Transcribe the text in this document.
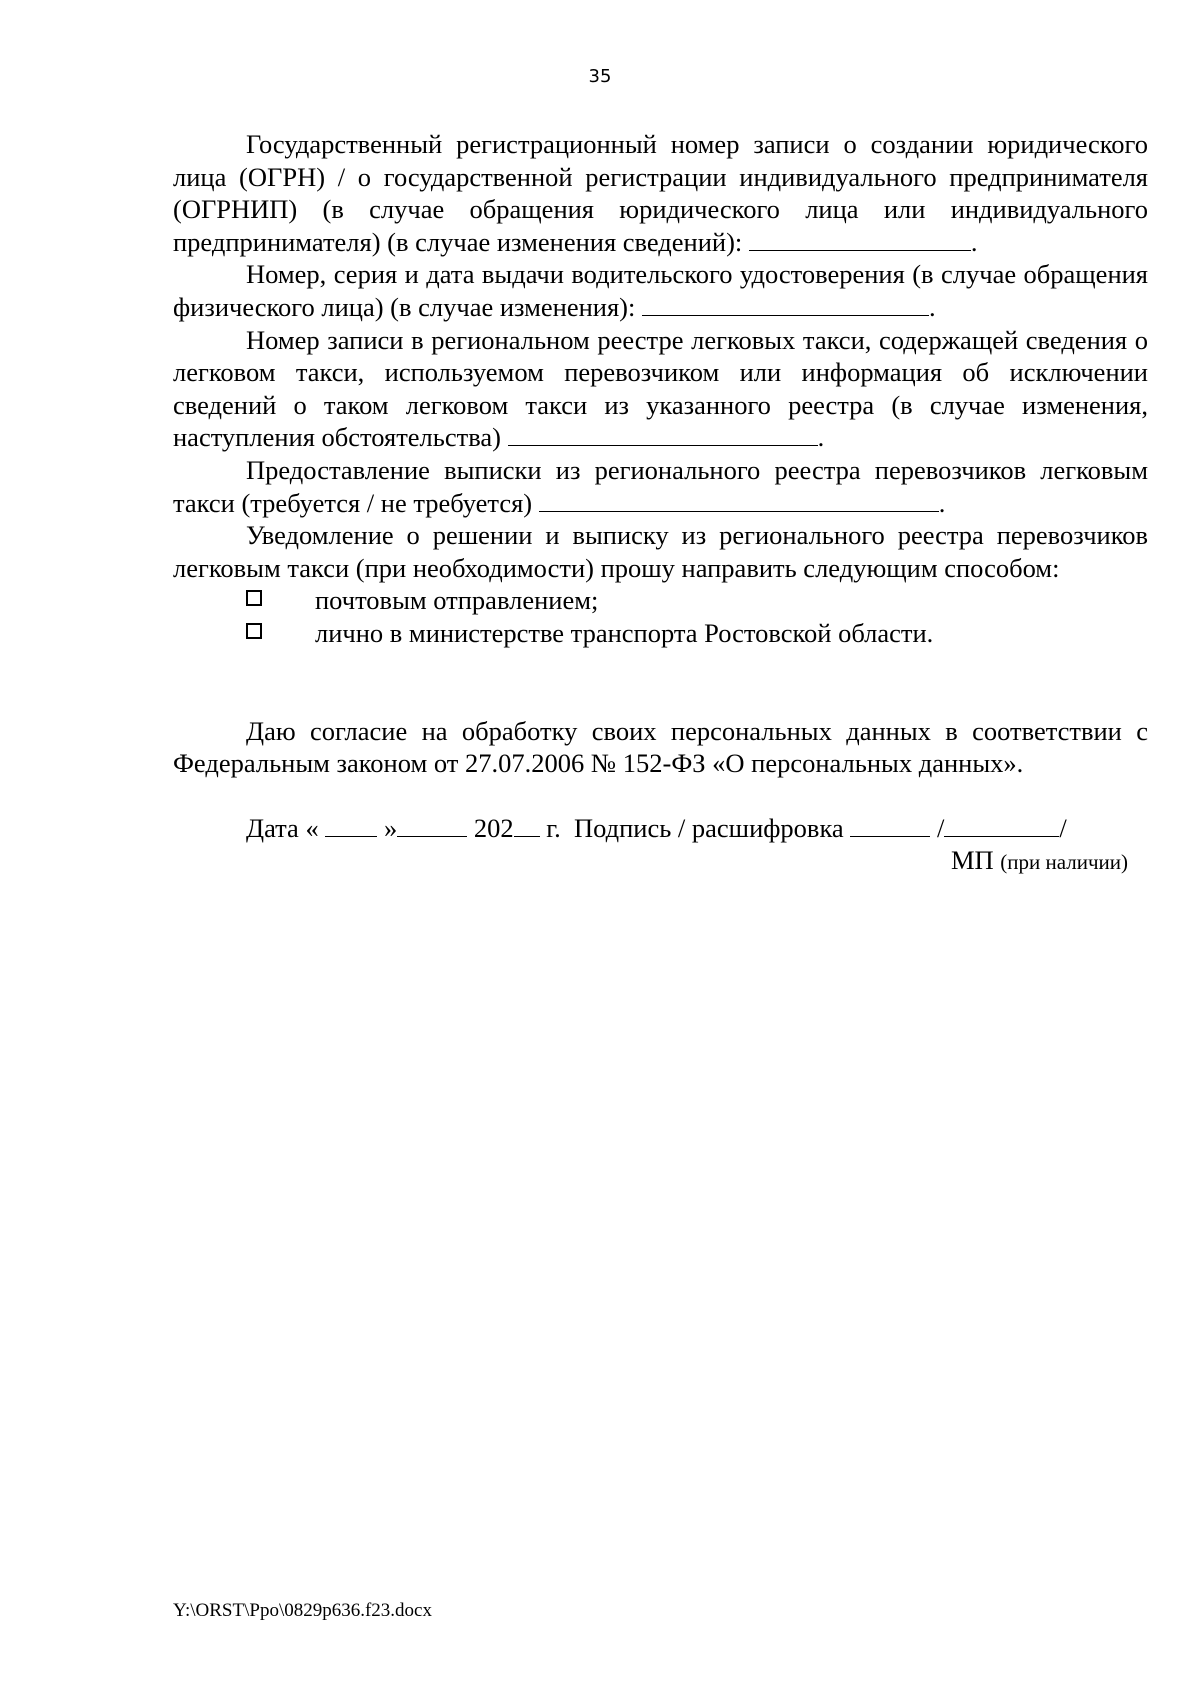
35

Государственный регистрационный номер записи о создании юридического лица (ОГРН) / о государственной регистрации индивидуального предпринимателя (ОГРНИП) (в случае обращения юридического лица или индивидуального предпринимателя) (в случае изменения сведений):	.

Номер, серия и дата выдачи водительского удостоверения (в случае обращения физического лица) (в случае изменения):	.

Номер записи в региональном реестре легковых такси, содержащей сведения о легковом такси, используемом перевозчиком или информация об исключении сведений о таком легковом такси из указанного реестра (в случае изменения, наступления обстоятельства)	.

Предоставление выписки из регионального реестра перевозчиков легковым такси (требуется / не требуется)	.

Уведомление о решении и выписку из регионального реестра перевозчиков легковым такси (при необходимости) прошу направить следующим способом:

почтовым отправлением;
лично в министерстве транспорта Ростовской области.

Даю согласие на обработку своих персональных данных в соответствии с Федеральным законом от 27.07.2006 № 152-ФЗ «О персональных данных».

Дата « »	202 г. Подпись / расшифровка	/	/

МП (при наличии)

Y:\ORST\Ppo\0829p636.f23.docx
